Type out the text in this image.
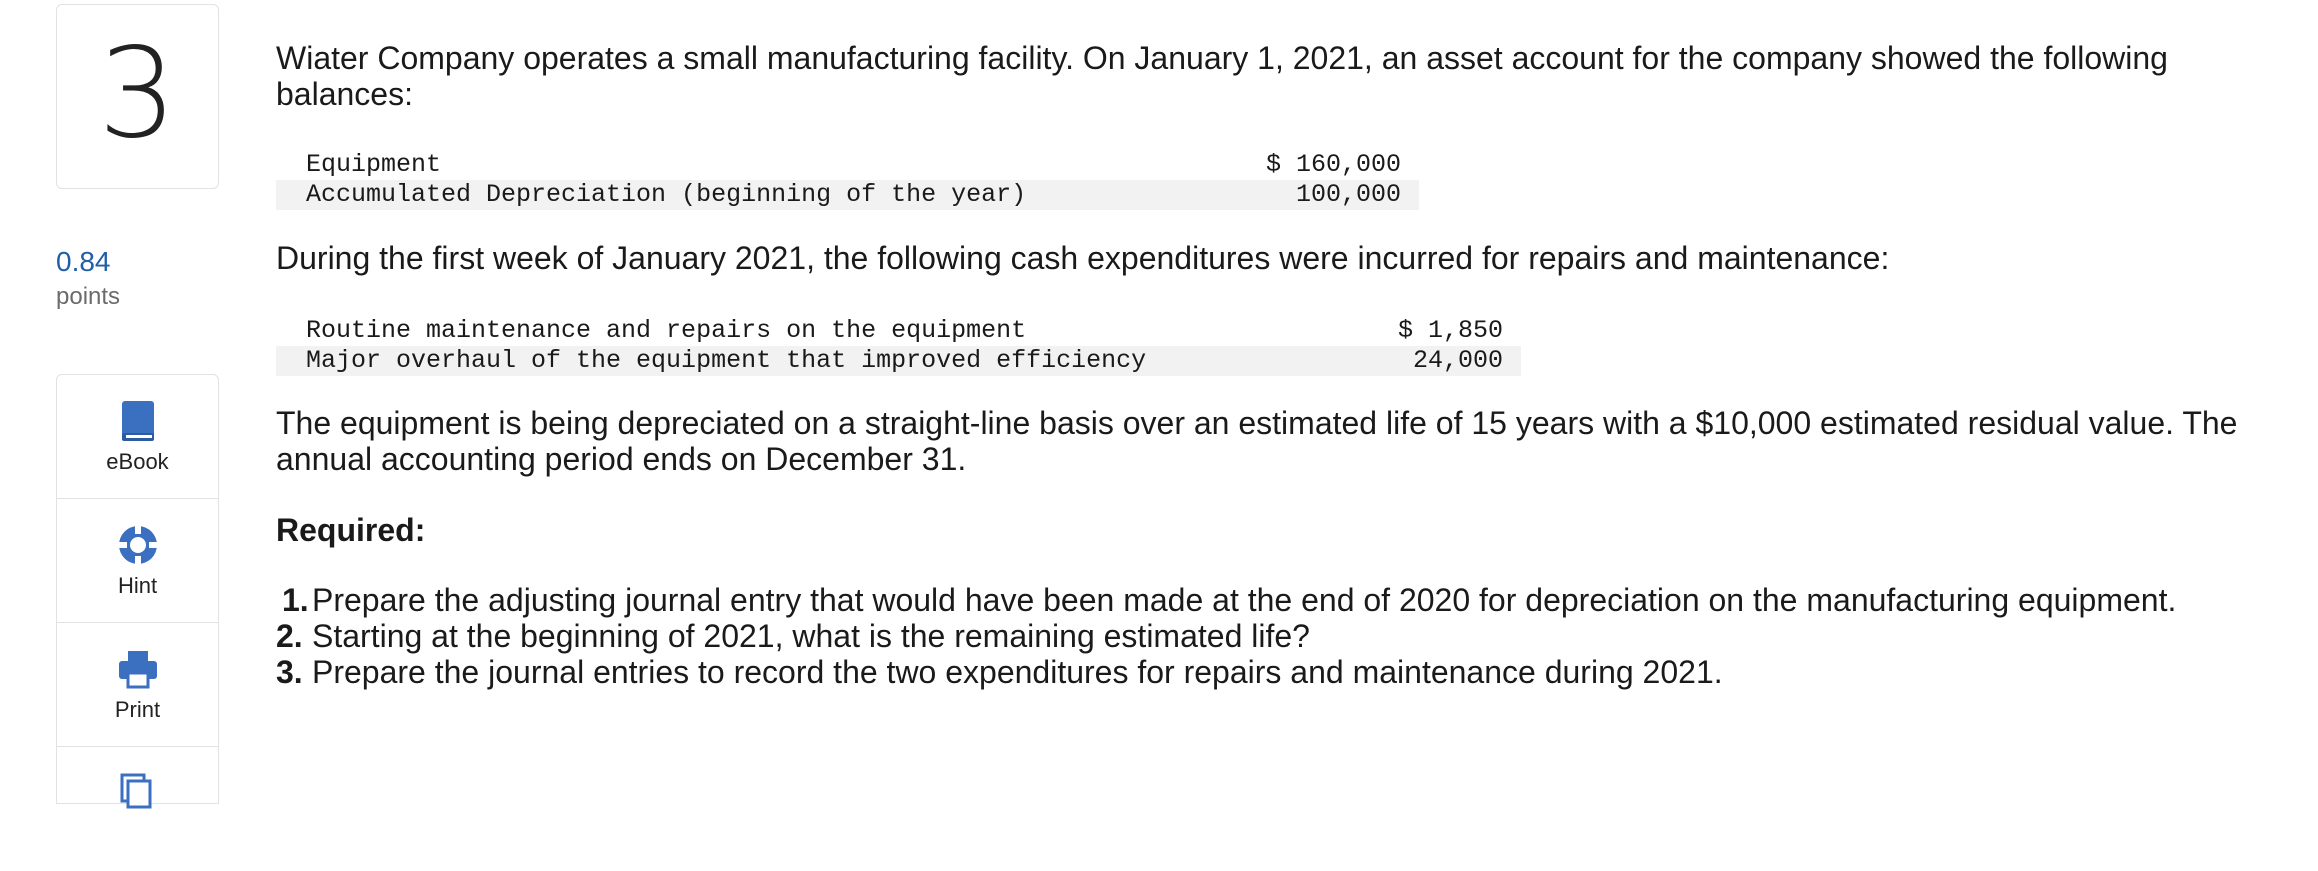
3
0.84
points
eBook
Hint
Print

Wiater Company operates a small manufacturing facility. On January 1, 2021, an asset account for the company showed the following balances:

Equipment	$ 160,000
Accumulated Depreciation (beginning of the year)	100,000

During the first week of January 2021, the following cash expenditures were incurred for repairs and maintenance:

Routine maintenance and repairs on the equipment	$ 1,850
Major overhaul of the equipment that improved efficiency	24,000

The equipment is being depreciated on a straight-line basis over an estimated life of 15 years with a $10,000 estimated residual value. The annual accounting period ends on December 31.

Required:
1. Prepare the adjusting journal entry that would have been made at the end of 2020 for depreciation on the manufacturing equipment.
2. Starting at the beginning of 2021, what is the remaining estimated life?
3. Prepare the journal entries to record the two expenditures for repairs and maintenance during 2021.
